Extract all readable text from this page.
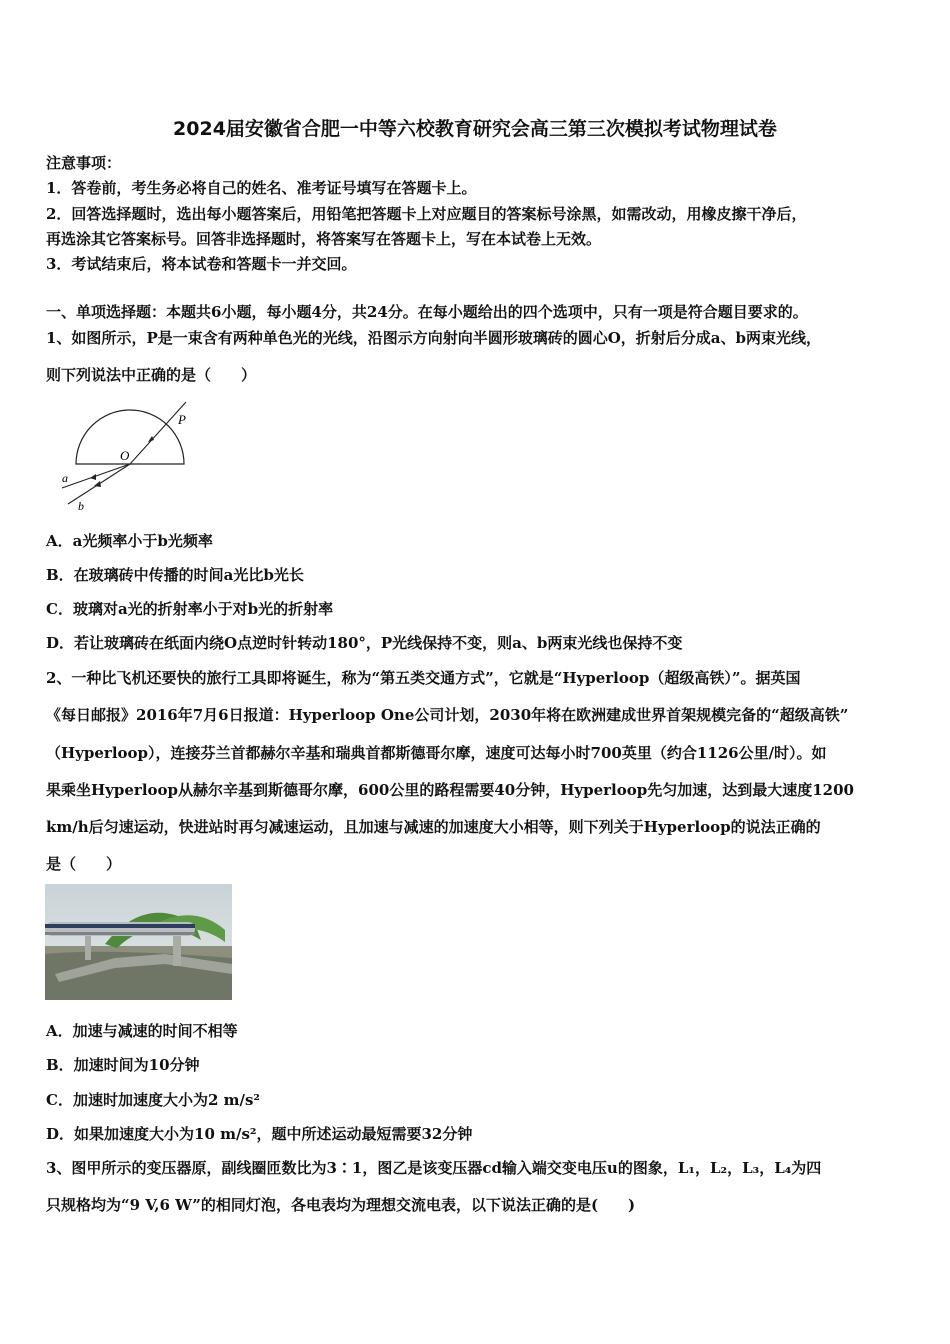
2024届安徽省合肥一中等六校教育研究会高三第三次模拟考试物理试卷
注意事项：
1．答卷前，考生务必将自己的姓名、准考证号填写在答题卡上。
2．回答选择题时，选出每小题答案后，用铅笔把答题卡上对应题目的答案标号涂黑，如需改动，用橡皮擦干净后，
再选涂其它答案标号。回答非选择题时，将答案写在答题卡上，写在本试卷上无效。
3．考试结束后，将本试卷和答题卡一并交回。
一、单项选择题：本题共6小题，每小题4分，共24分。在每小题给出的四个选项中，只有一项是符合题目要求的。
1、如图所示，P是一束含有两种单色光的光线，沿图示方向射向半圆形玻璃砖的圆心O，折射后分成a、b两束光线，
则下列说法中正确的是（　　）
P
O
a
b
A．a光频率小于b光频率
B．在玻璃砖中传播的时间a光比b光长
C．玻璃对a光的折射率小于对b光的折射率
D．若让玻璃砖在纸面内绕O点逆时针转动180°，P光线保持不变，则a、b两束光线也保持不变
2、一种比飞机还要快的旅行工具即将诞生，称为“第五类交通方式”，它就是“Hyperloop（超级高铁）”。据英国
《每日邮报》2016年7月6日报道：Hyperloop One公司计划，2030年将在欧洲建成世界首架规模完备的“超级高铁”
（Hyperloop），连接芬兰首都赫尔辛基和瑞典首都斯德哥尔摩，速度可达每小时700英里（约合1126公里/时）。如
果乘坐Hyperloop从赫尔辛基到斯德哥尔摩，600公里的路程需要40分钟，Hyperloop先匀加速，达到最大速度1200
km/h后匀速运动，快进站时再匀减速运动，且加速与减速的加速度大小相等，则下列关于Hyperloop的说法正确的
是（　　）
A．加速与减速的时间不相等
B．加速时间为10分钟
C．加速时加速度大小为2 m/s²
D．如果加速度大小为10 m/s²，题中所述运动最短需要32分钟
3、图甲所示的变压器原，副线圈匝数比为3∶1，图乙是该变压器cd输入端交变电压u的图象，L₁，L₂，L₃，L₄为四
只规格均为“9 V,6 W”的相同灯泡，各电表均为理想交流电表，以下说法正确的是(　　)
